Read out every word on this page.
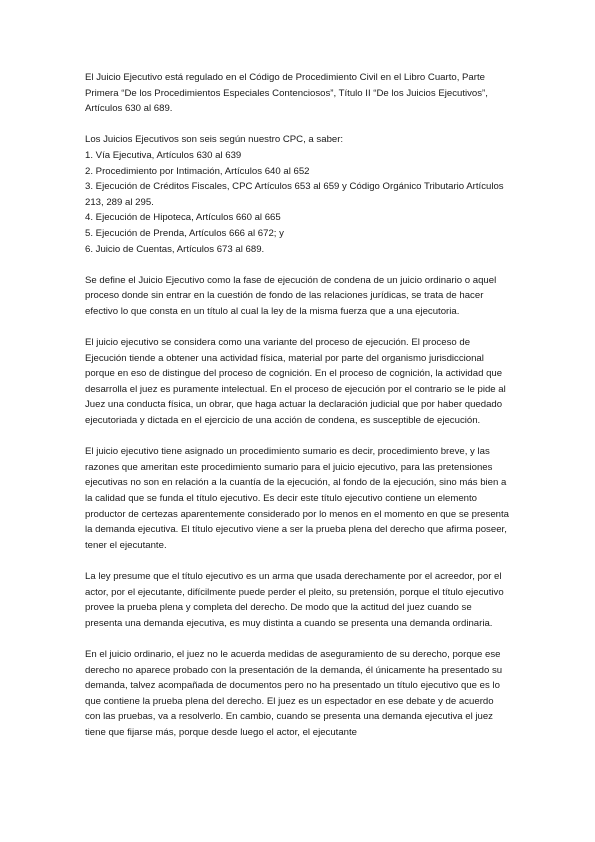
El Juicio Ejecutivo está regulado en el Código de Procedimiento Civil en el Libro Cuarto, Parte Primera “De los Procedimientos Especiales Contenciosos”, Título II “De los Juicios Ejecutivos”, Artículos 630 al 689.

Los Juicios Ejecutivos son seis según nuestro CPC, a saber:

1. Vía Ejecutiva, Artículos 630 al 639

2. Procedimiento por Intimación, Artículos 640 al 652

3. Ejecución de Créditos Fiscales, CPC Artículos 653 al 659 y Código Orgánico Tributario Artículos 213, 289 al 295.

4. Ejecución de Hipoteca, Artículos 660 al 665

5. Ejecución de Prenda, Artículos 666 al 672; y

6. Juicio de Cuentas, Artículos 673 al 689.

Se define el Juicio Ejecutivo como la fase de ejecución de condena de un juicio ordinario o aquel proceso donde sin entrar en la cuestión de fondo de las relaciones jurídicas, se trata de hacer efectivo lo que consta en un título al cual la ley de la misma fuerza que a una ejecutoria.

El juicio ejecutivo se considera como una variante del proceso de ejecución. El proceso de Ejecución tiende a obtener una actividad física, material por parte del organismo jurisdiccional porque en eso de distingue del proceso de cognición. En el proceso de cognición, la actividad que desarrolla el juez es puramente intelectual. En el proceso de ejecución por el contrario se le pide al Juez una conducta física, un obrar, que haga actuar la declaración judicial que por haber quedado ejecutoriada y dictada en el ejercicio de una acción de condena, es susceptible de ejecución.

El juicio ejecutivo tiene asignado un procedimiento sumario es decir, procedimiento breve, y las razones que ameritan este procedimiento sumario para el juicio ejecutivo, para las pretensiones ejecutivas no son en relación a la cuantía de la ejecución, al fondo de la ejecución, sino más bien a la calidad que se funda el título ejecutivo. Es decir este título ejecutivo contiene un elemento productor de certezas aparentemente considerado por lo menos en el momento en que se presenta la demanda ejecutiva. El título ejecutivo viene a ser la prueba plena del derecho que afirma poseer, tener el ejecutante.

La ley presume que el título ejecutivo es un arma que usada derechamente por el acreedor, por el actor, por el ejecutante, difícilmente puede perder el pleito, su pretensión, porque el título ejecutivo provee la prueba plena y completa del derecho. De modo que la actitud del juez cuando se presenta una demanda ejecutiva, es muy distinta a cuando se presenta una demanda ordinaria.

En el juicio ordinario, el juez no le acuerda medidas de aseguramiento de su derecho, porque ese derecho no aparece probado con la presentación de la demanda, él únicamente ha presentado su demanda, talvez acompañada de documentos pero no ha presentado un título ejecutivo que es lo que contiene la prueba plena del derecho. El juez es un espectador en ese debate y de acuerdo con las pruebas, va a resolverlo. En cambio, cuando se presenta una demanda ejecutiva el juez tiene que fijarse más, porque desde luego el actor, el ejecutante
